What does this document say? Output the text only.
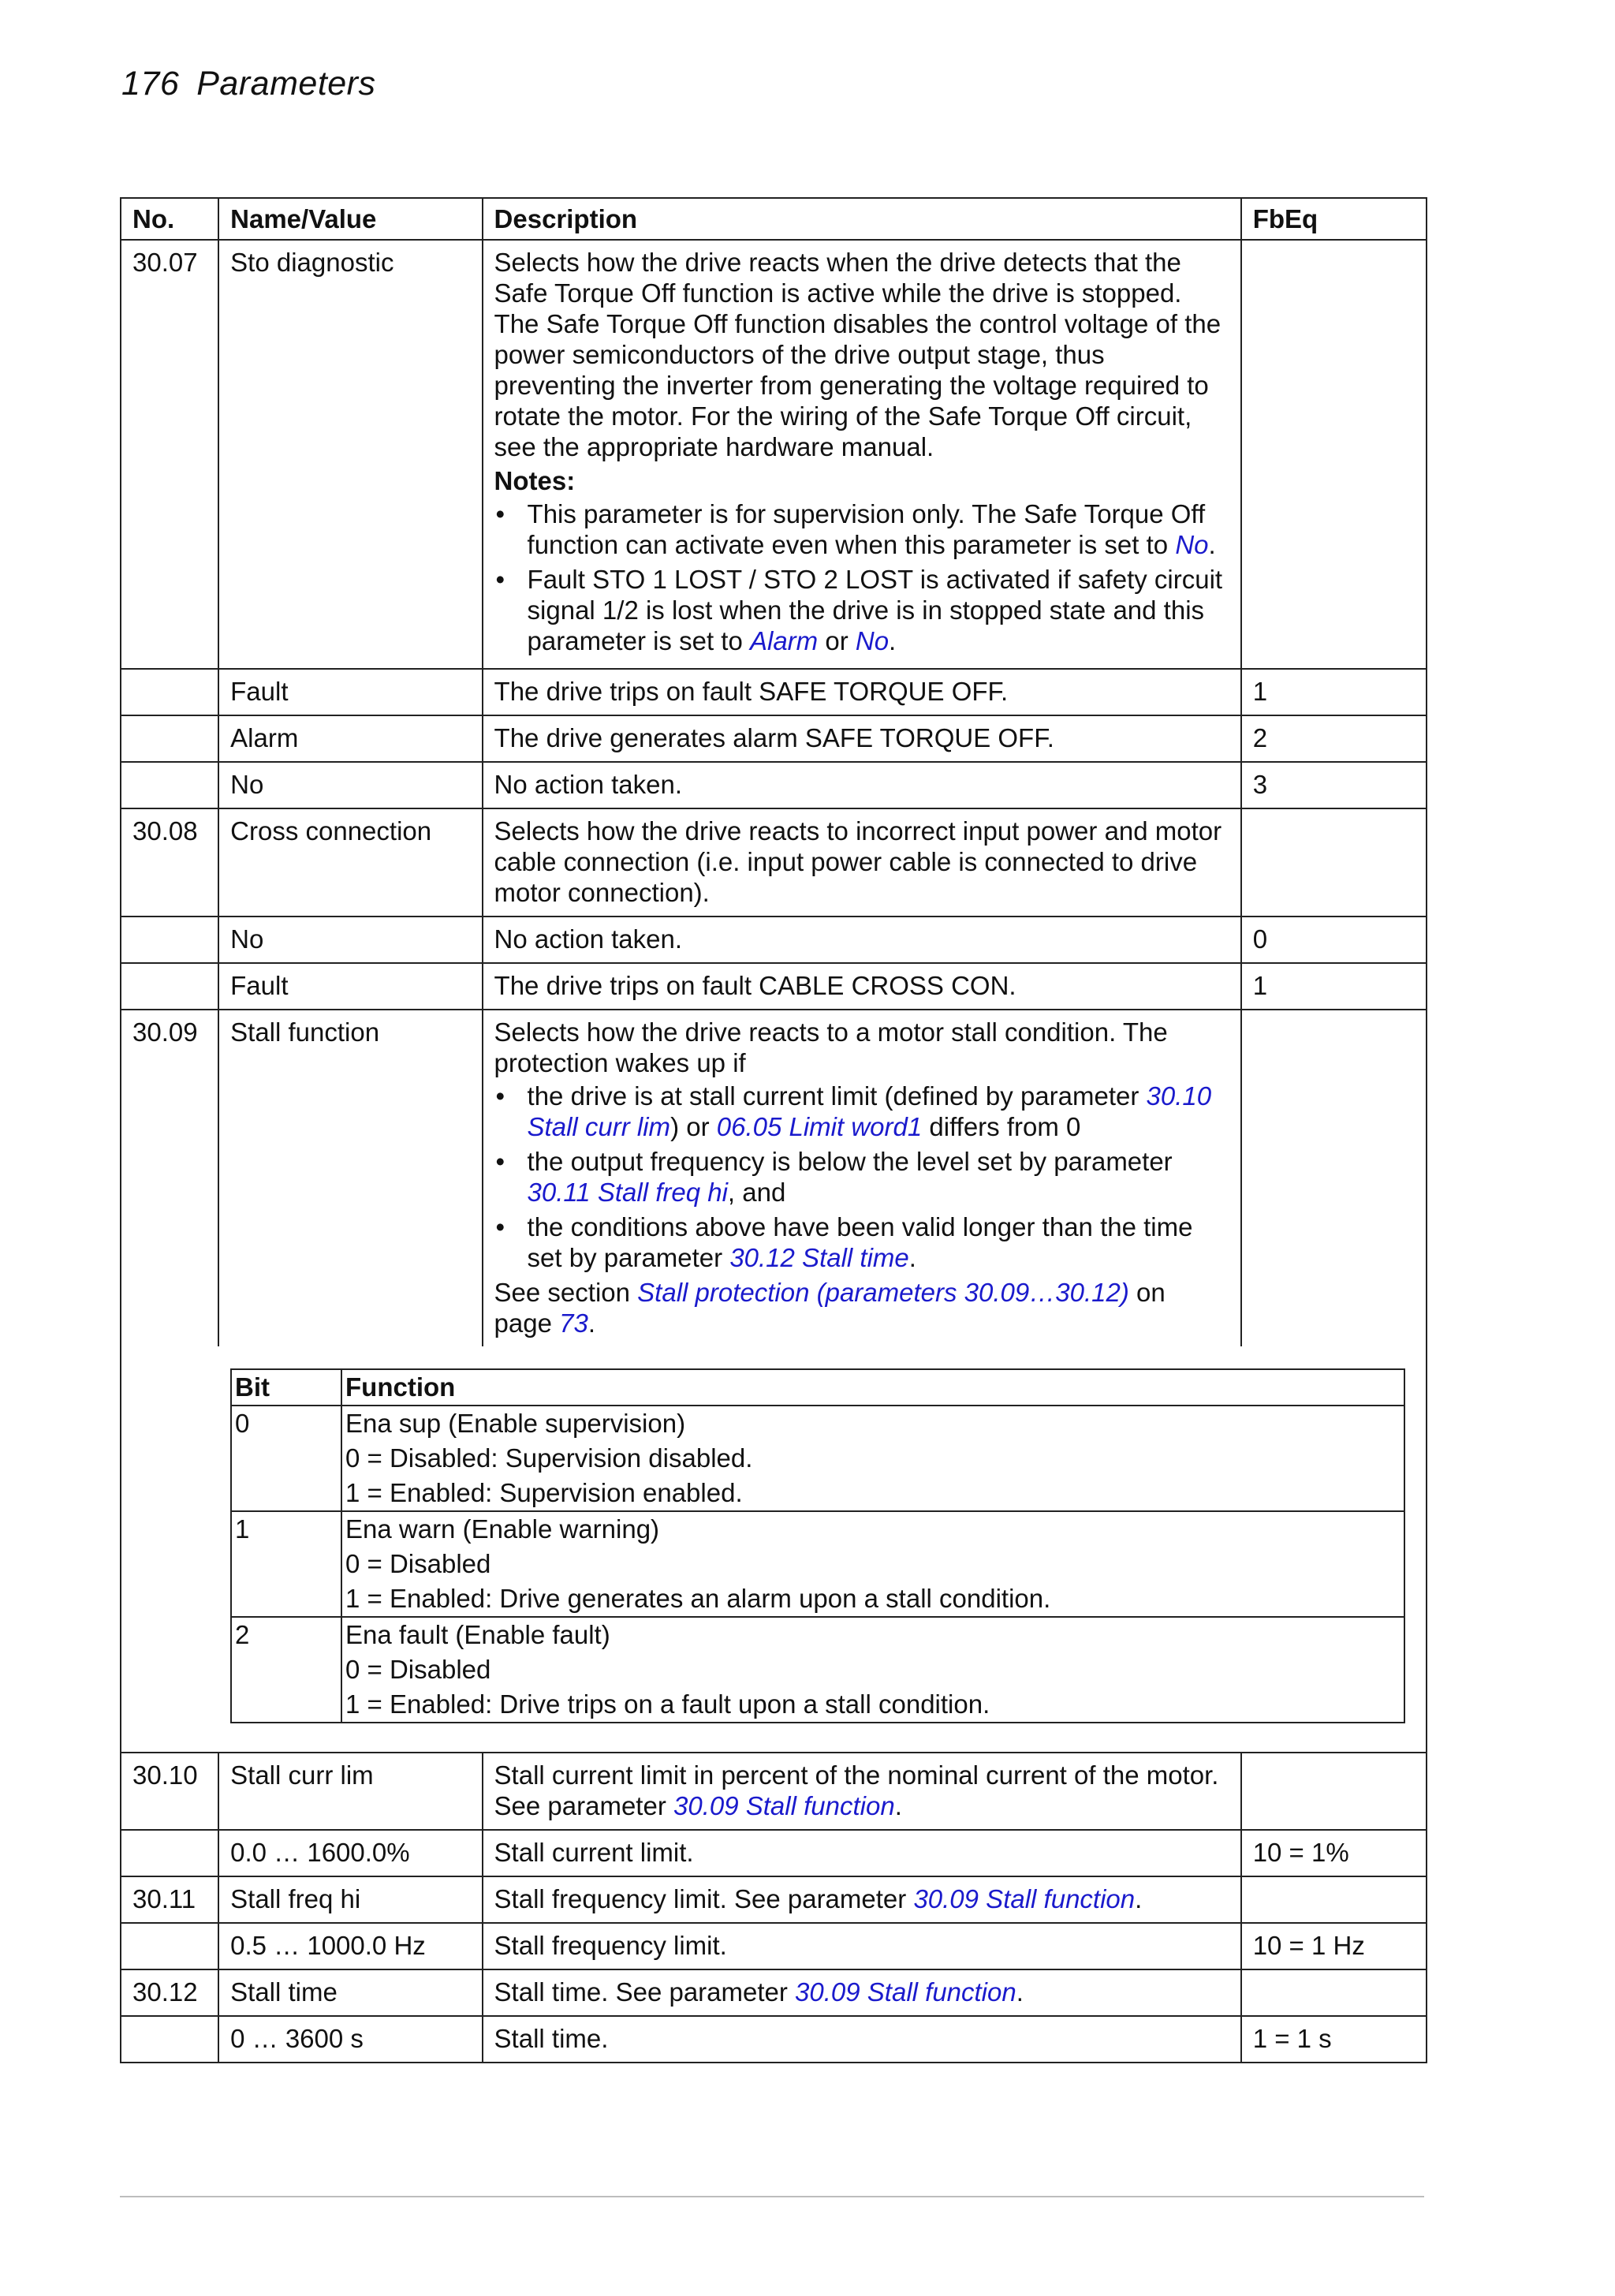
176 Parameters
No.	Name/Value	Description	FbEq
30.07	Sto diagnostic	Selects how the drive reacts when the drive detects that the Safe Torque Off function is active while the drive is stopped. The Safe Torque Off function disables the control voltage of the power semiconductors of the drive output stage, thus preventing the inverter from generating the voltage required to rotate the motor. For the wiring of the Safe Torque Off circuit, see the appropriate hardware manual.
Notes:
• This parameter is for supervision only. The Safe Torque Off function can activate even when this parameter is set to No.
• Fault STO 1 LOST / STO 2 LOST is activated if safety circuit signal 1/2 is lost when the drive is in stopped state and this parameter is set to Alarm or No.

	Fault	The drive trips on fault SAFE TORQUE OFF.	1
	Alarm	The drive generates alarm SAFE TORQUE OFF.	2
	No	No action taken.	3
30.08	Cross connection	Selects how the drive reacts to incorrect input power and motor cable connection (i.e. input power cable is connected to drive motor connection).	
	No	No action taken.	0
	Fault	The drive trips on fault CABLE CROSS CON.	1
30.09	Stall function	Selects how the drive reacts to a motor stall condition. The protection wakes up if
• the drive is at stall current limit (defined by parameter 30.10 Stall curr lim) or 06.05 Limit word1 differs from 0
• the output frequency is below the level set by parameter 30.11 Stall freq hi, and
• the conditions above have been valid longer than the time set by parameter 30.12 Stall time.
See section Stall protection (parameters 30.09…30.12) on page 73.

Bit	Function
0	Ena sup (Enable supervision)
0 = Disabled: Supervision disabled.
1 = Enabled: Supervision enabled.

1	Ena warn (Enable warning)
0 = Disabled
1 = Enabled: Drive generates an alarm upon a stall condition.

2	Ena fault (Enable fault)
0 = Disabled
1 = Enabled: Drive trips on a fault upon a stall condition.

30.10	Stall curr lim	Stall current limit in percent of the nominal current of the motor. See parameter 30.09 Stall function.	
	0.0 … 1600.0%	Stall current limit.	10 = 1%
30.11	Stall freq hi	Stall frequency limit. See parameter 30.09 Stall function.	
	0.5 … 1000.0 Hz	Stall frequency limit.	10 = 1 Hz
30.12	Stall time	Stall time. See parameter 30.09 Stall function.	
	0 … 3600 s	Stall time.	1 = 1 s
